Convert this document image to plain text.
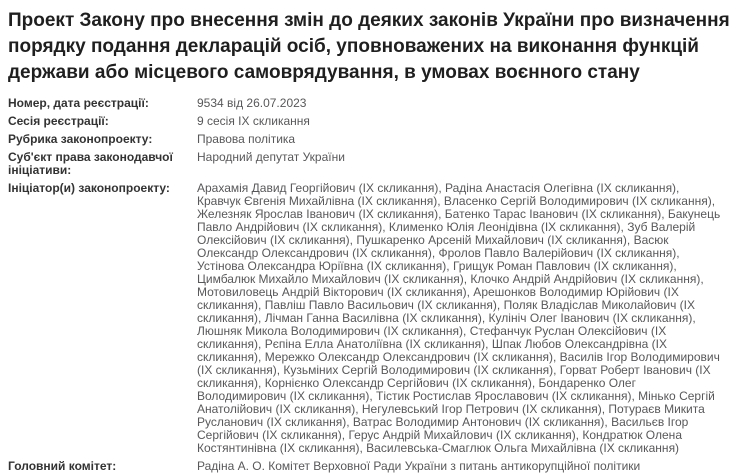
Проект Закону про внесення змін до деяких законів України про визначення порядку подання декларацій осіб, уповноважених на виконання функцій держави або місцевого самоврядування, в умовах воєнного стану
Номер, дата реєстрації:	9534 від 26.07.2023
Сесія реєстрації:	9 сесія IX скликання
Рубрика законопроекту:	Правова політика
Суб'єкт права законодавчої ініціативи:	Народний депутат України
Ініціатор(и) законопроекту:	Арахамія Давид Георгійович (IX скликання), Радіна Анастасія Олегівна (IX скликання), Кравчук Євгенія Михайлівна (IX скликання), Власенко Сергій Володимирович (IX скликання), Железняк Ярослав Іванович (IX скликання), Батенко Тарас Іванович (IX скликання), Бакунець Павло Андрійович (IX скликання), Клименко Юлія Леонідівна (IX скликання), Зуб Валерій Олексійович (IX скликання), Пушкаренко Арсеній Михайлович (IX скликання), Васюк Олександр Олександрович (IX скликання), Фролов Павло Валерійович (IX скликання), Устінова Олександра Юріївна (IX скликання), Грищук Роман Павлович (IX скликання), Цимбалюк Михайло Михайлович (IX скликання), Клочко Андрій Андрійович (IX скликання), Мотовиловець Андрій Вікторович (IX скликання), Арешонков Володимир Юрійович (IX скликання), Павліш Павло Васильович (IX скликання), Поляк Владіслав Миколайович (IX скликання), Лічман Ганна Василівна (IX скликання), Кулініч Олег Іванович (IX скликання), Люшняк Микола Володимирович (IX скликання), Стефанчук Руслан Олексійович (IX скликання), Рєпіна Елла Анатоліївна (IX скликання), Шпак Любов Олександрівна (IX скликання), Мережко Олександр Олександрович (IX скликання), Василів Ігор Володимирович (IX скликання), Кузьміних Сергій Володимирович (IX скликання), Горват Роберт Іванович (IX скликання), Корнієнко Олександр Сергійович (IX скликання), Бондаренко Олег Володимирович (IX скликання), Тістик Ростислав Ярославович (IX скликання), Мінько Сергій Анатолійович (IX скликання), Негулевський Ігор Петрович (IX скликання), Потураєв Микита Русланович (IX скликання), Ватрас Володимир Антонович (IX скликання), Васильєв Ігор Сергійович (IX скликання), Герус Андрій Михайлович (IX скликання), Кондратюк Олена Костянтинівна (IX скликання), Василевська-Смаглюк Ольга Михайлівна (IX скликання)
Головний комітет:	Радіна А. О. Комітет Верховної Ради України з питань антикорупційної політики
